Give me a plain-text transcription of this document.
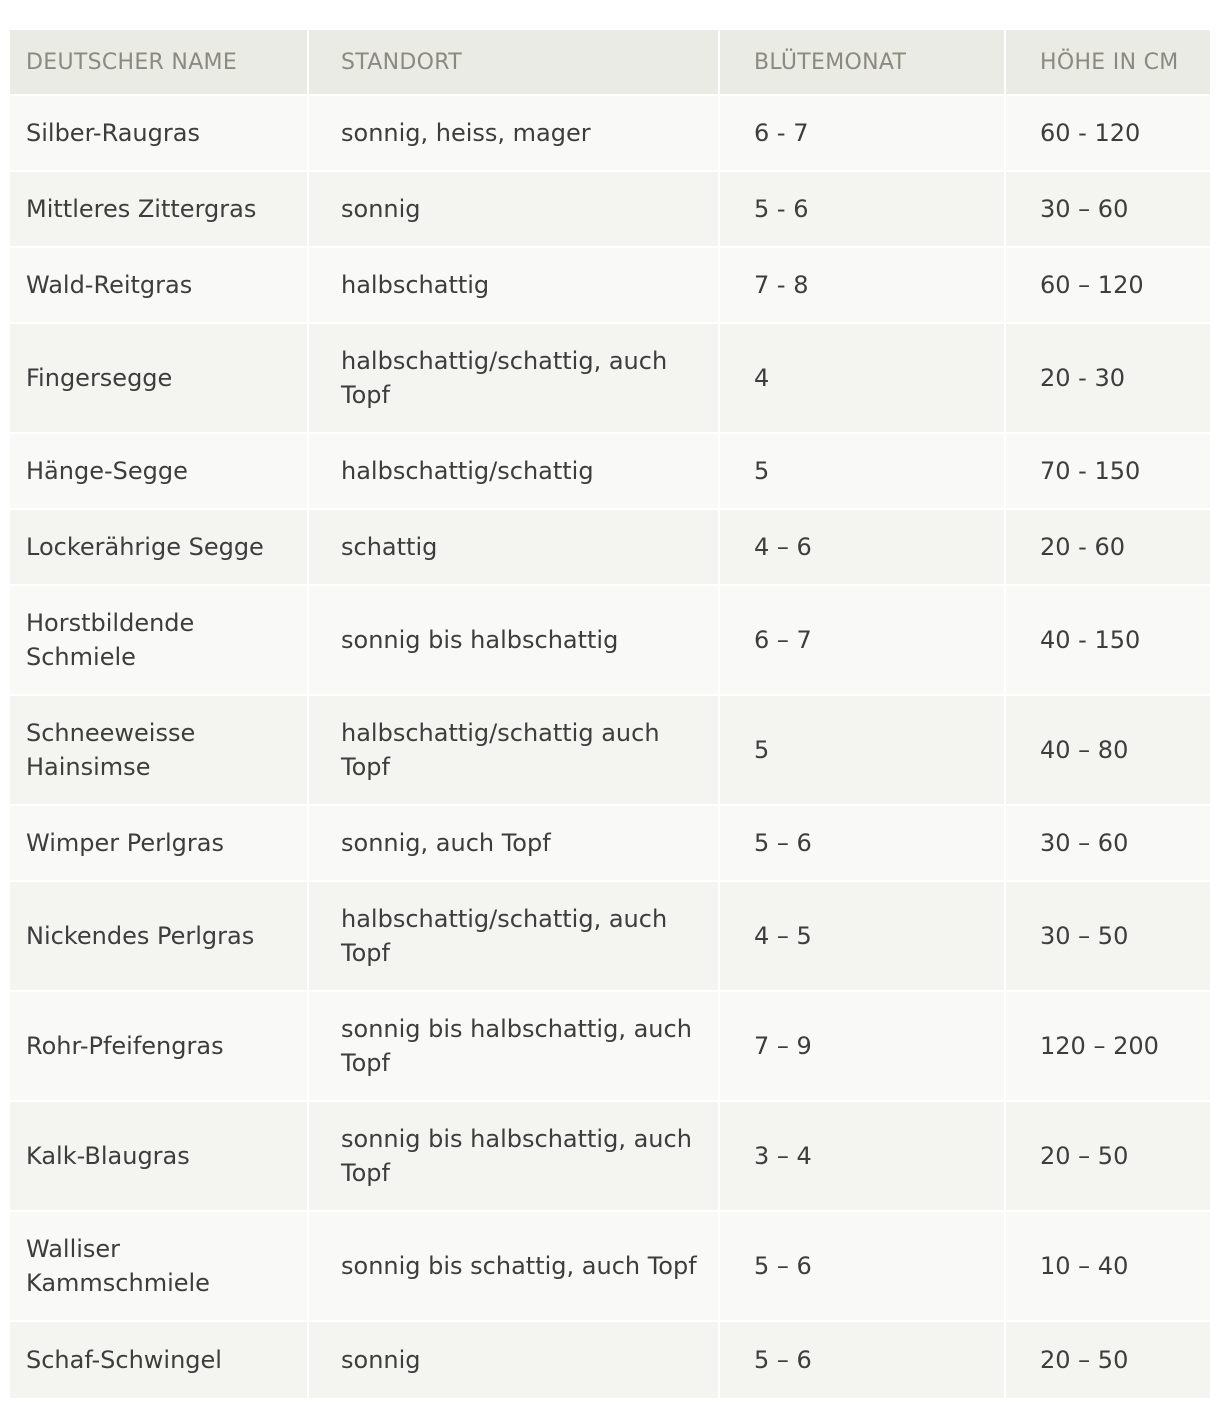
DEUTSCHER NAME	STANDORT	BLÜTEMONAT	HÖHE IN CM
Silber-Raugras	sonnig, heiss, mager	6 - 7	60 - 120
Mittleres Zittergras	sonnig	5 - 6	30 – 60
Wald-Reitgras	halbschattig	7 - 8	60 – 120
Fingersegge	halbschattig/schattig, auch Topf	4	20 - 30
Hänge-Segge	halbschattig/schattig	5	70 - 150
Lockerährige Segge	schattig	4 – 6	20 - 60
Horstbildende Schmiele	sonnig bis halbschattig	6 – 7	40 - 150
Schneeweisse Hainsimse	halbschattig/schattig auch Topf	5	40 – 80
Wimper Perlgras	sonnig, auch Topf	5 – 6	30 – 60
Nickendes Perlgras	halbschattig/schattig, auch Topf	4 – 5	30 – 50
Rohr-Pfeifengras	sonnig bis halbschattig, auch Topf	7 – 9	120 – 200
Kalk-Blaugras	sonnig bis halbschattig, auch Topf	3 – 4	20 – 50
Walliser Kammschmiele	sonnig bis schattig, auch Topf	5 – 6	10 – 40
Schaf-Schwingel	sonnig	5 – 6	20 – 50
